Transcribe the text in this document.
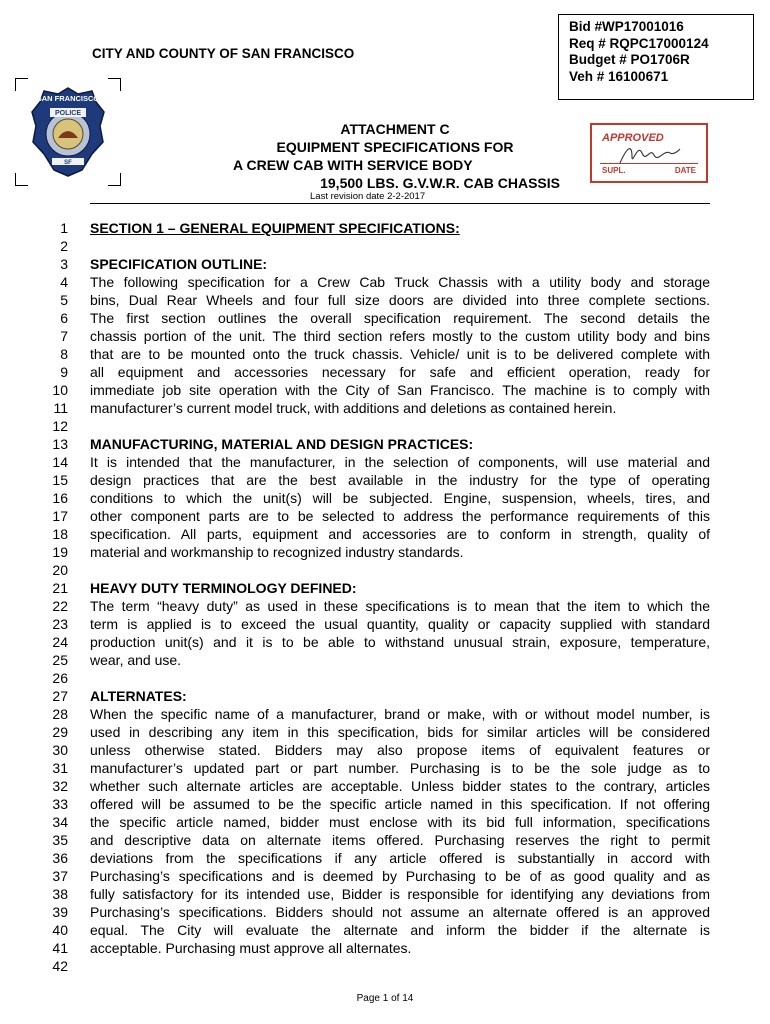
Bid #WP17001016
Req # RQPC17000124
Budget # PO1706R
Veh # 16100671
CITY AND COUNTY OF SAN FRANCISCO
SAN FRANCISCO
POLICE
SF
ATTACHMENT C
EQUIPMENT SPECIFICATIONS FOR
A CREW CAB WITH SERVICE BODY
19,500 LBS. G.V.W.R. CAB CHASSIS
APPROVED
SUPL.	DATE
Last revision date 2-2-2017
1 SECTION 1 – GENERAL EQUIPMENT SPECIFICATIONS:
2
3 SPECIFICATION OUTLINE:
4 The following specification for a Crew Cab Truck Chassis with a utility body and storage
5 bins, Dual Rear Wheels and four full size doors are divided into three complete sections.
6 The first section outlines the overall specification requirement. The second details the
7 chassis portion of the unit. The third section refers mostly to the custom utility body and bins
8 that are to be mounted onto the truck chassis. Vehicle/ unit is to be delivered complete with
9 all equipment and accessories necessary for safe and efficient operation, ready for
10 immediate job site operation with the City of San Francisco. The machine is to comply with
11 manufacturer’s current model truck, with additions and deletions as contained herein.
12
13 MANUFACTURING, MATERIAL AND DESIGN PRACTICES:
14 It is intended that the manufacturer, in the selection of components, will use material and
15 design practices that are the best available in the industry for the type of operating
16 conditions to which the unit(s) will be subjected. Engine, suspension, wheels, tires, and
17 other component parts are to be selected to address the performance requirements of this
18 specification. All parts, equipment and accessories are to conform in strength, quality of
19 material and workmanship to recognized industry standards.
20
21 HEAVY DUTY TERMINOLOGY DEFINED:
22 The term “heavy duty” as used in these specifications is to mean that the item to which the
23 term is applied is to exceed the usual quantity, quality or capacity supplied with standard
24 production unit(s) and it is to be able to withstand unusual strain, exposure, temperature,
25 wear, and use.
26
27 ALTERNATES:
28 When the specific name of a manufacturer, brand or make, with or without model number, is
29 used in describing any item in this specification, bids for similar articles will be considered
30 unless otherwise stated. Bidders may also propose items of equivalent features or
31 manufacturer’s updated part or part number. Purchasing is to be the sole judge as to
32 whether such alternate articles are acceptable. Unless bidder states to the contrary, articles
33 offered will be assumed to be the specific article named in this specification. If not offering
34 the specific article named, bidder must enclose with its bid full information, specifications
35 and descriptive data on alternate items offered. Purchasing reserves the right to permit
36 deviations from the specifications if any article offered is substantially in accord with
37 Purchasing’s specifications and is deemed by Purchasing to be of as good quality and as
38 fully satisfactory for its intended use, Bidder is responsible for identifying any deviations from
39 Purchasing’s specifications. Bidders should not assume an alternate offered is an approved
40 equal. The City will evaluate the alternate and inform the bidder if the alternate is
41 acceptable. Purchasing must approve all alternates.
42
Page 1 of 14
